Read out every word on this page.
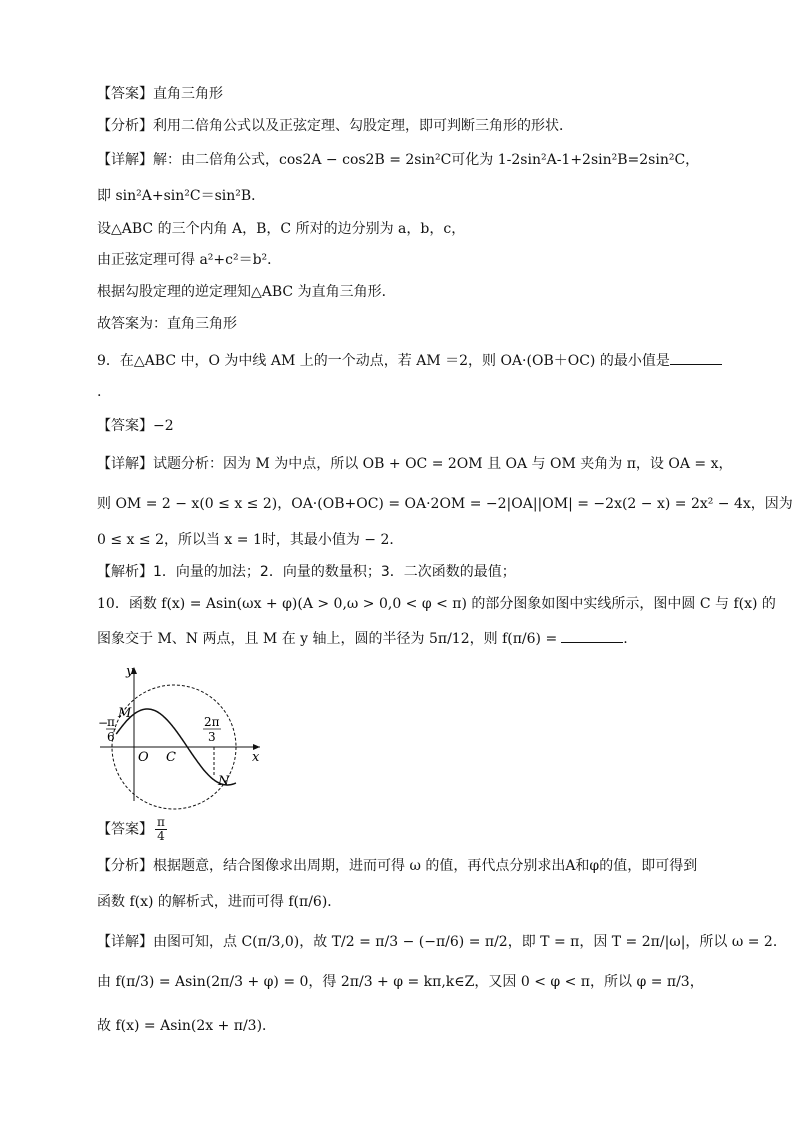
【答案】直角三角形
【分析】利用二倍角公式以及正弦定理、勾股定理，即可判断三角形的形状．
【详解】解：由二倍角公式，cos2A − cos2B = 2sin²C可化为 1-2sin²A-1+2sin²B=2sin²C，
即 sin²A+sin²C＝sin²B．
设△ABC 的三个内角 A，B，C 所对的边分别为 a，b，c，
由正弦定理可得 a²+c²＝b²．
根据勾股定理的逆定理知△ABC 为直角三角形．
故答案为：直角三角形
9．在△ABC 中，O 为中线 AM 上的一个动点，若 AM ＝2，则 OA·(OB＋OC) 的最小值是
.
【答案】−2
【详解】试题分析：因为 M 为中点，所以 OB + OC = 2OM 且 OA 与 OM 夹角为 π，设 OA = x，
则 OM = 2 − x(0 ≤ x ≤ 2)，OA·(OB+OC) = OA·2OM = −2|OA||OM| = −2x(2 − x) = 2x² − 4x，因为
0 ≤ x ≤ 2，所以当 x = 1时，其最小值为 − 2．
【解析】1．向量的加法；2．向量的数量积；3．二次函数的最值；
10．函数 f(x) = Asin(ωx + φ)(A > 0,ω > 0,0 < φ < π) 的部分图象如图中实线所示，图中圆 C 与 f(x) 的
图象交于 M、N 两点，且 M 在 y 轴上，圆的半径为 5π/12，则 f(π/6) =	.
y
x
M
N
O C
−
π
6
2π
3
【答案】 $\frac{\pi}{4}$
【分析】根据题意，结合图像求出周期，进而可得 ω 的值，再代点分别求出A和φ的值，即可得到
函数 f(x) 的解析式，进而可得 f(π/6)．
【详解】由图可知，点 C(π/3,0)，故 T/2 = π/3 − (−π/6) = π/2，即 T = π，因 T = 2π/|ω|，所以 ω = 2．
由 f(π/3) = Asin(2π/3 + φ) = 0，得 2π/3 + φ = kπ,k∈Z，又因 0 < φ < π，所以 φ = π/3，
故 f(x) = Asin(2x + π/3)．
